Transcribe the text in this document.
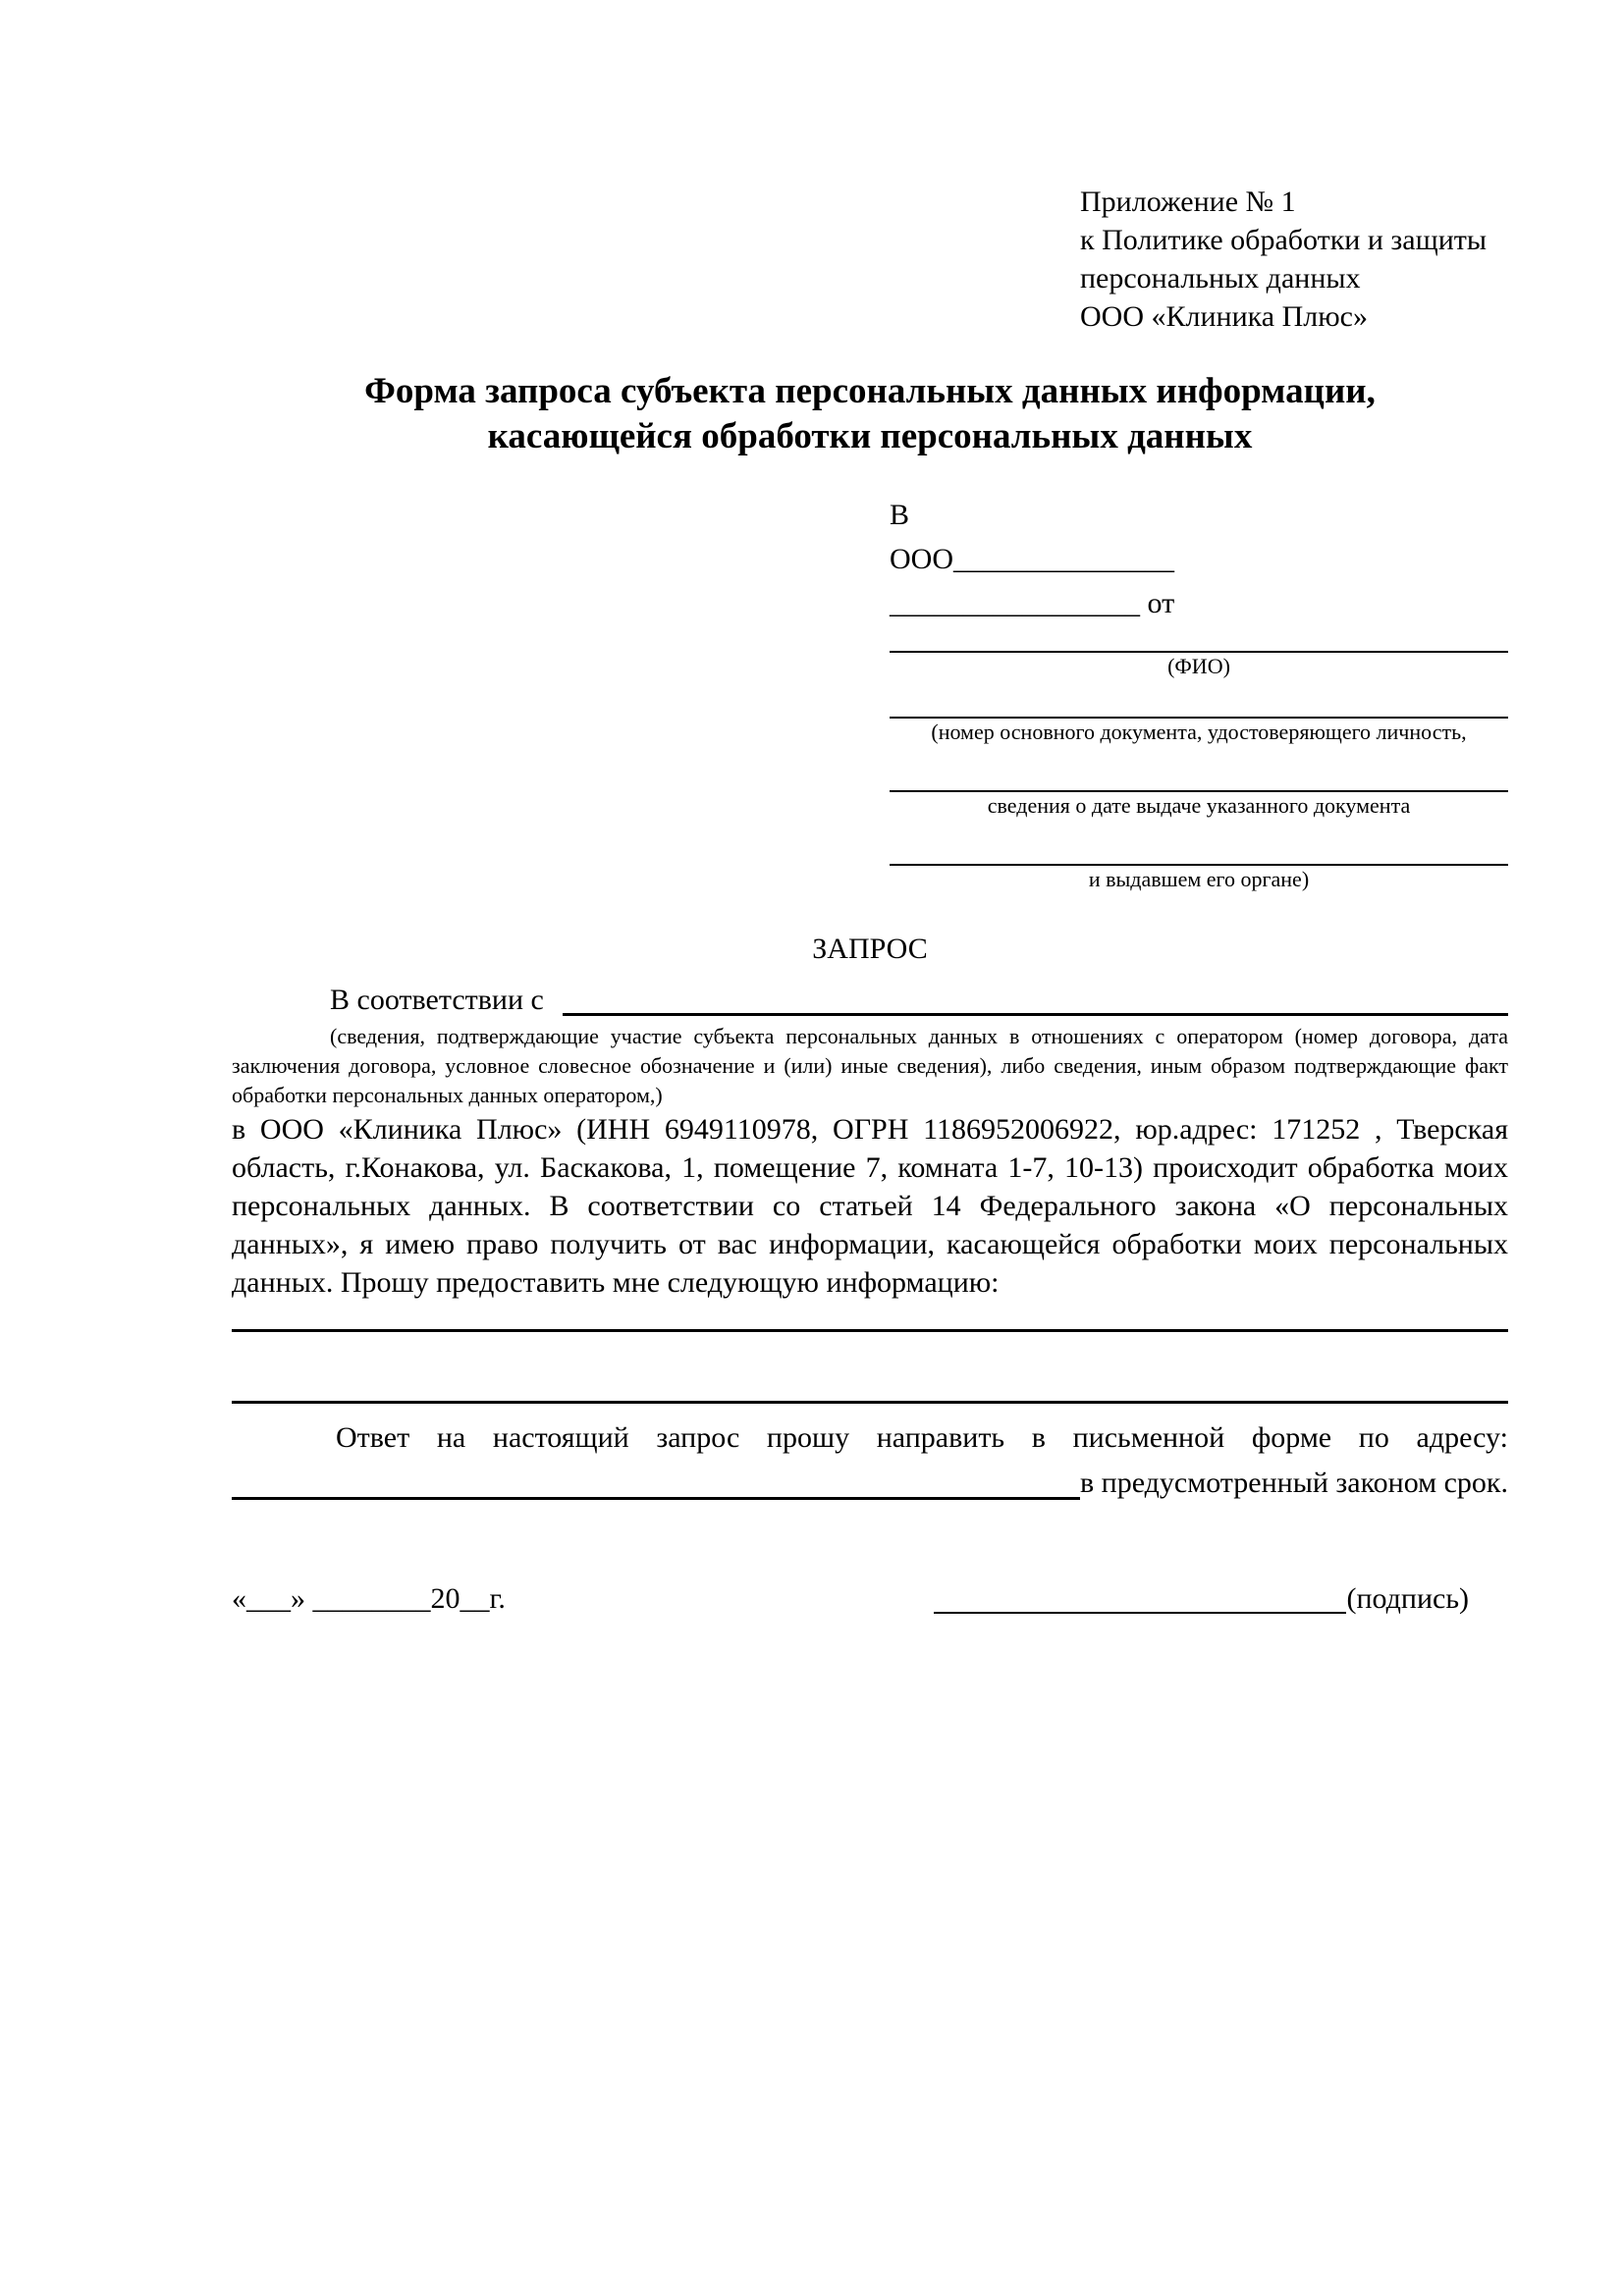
Приложение № 1
к Политике обработки и защиты
персональных данных
ООО «Клиника Плюс»
Форма запроса субъекта персональных данных информации,
касающейся обработки персональных данных
В
ООО_______________
_________________ от
(ФИО)
(номер основного документа, удостоверяющего личность,
сведения о дате выдаче указанного документа
и выдавшем его органе)
ЗАПРОС
В соответствии с
(сведения, подтверждающие участие субъекта персональных данных в отношениях с оператором (номер договора, дата заключения договора, условное словесное обозначение и (или) иные сведения), либо сведения, иным образом подтверждающие факт обработки персональных данных оператором,)
в ООО «Клиника Плюс» (ИНН 6949110978, ОГРН 1186952006922, юр.адрес: 171252 , Тверская область, г.Конакова, ул. Баскакова, 1, помещение 7, комната 1-7, 10-13) происходит обработка моих персональных данных. В соответствии со статьей 14 Федерального закона «О персональных данных», я имею право получить от вас информации, касающейся обработки моих персональных данных. Прошу предоставить мне следующую информацию:
Ответ на настоящий запрос прошу направить в письменной форме по адресу:
в предусмотренный законом срок.
«___» ________20__г.	(подпись)
